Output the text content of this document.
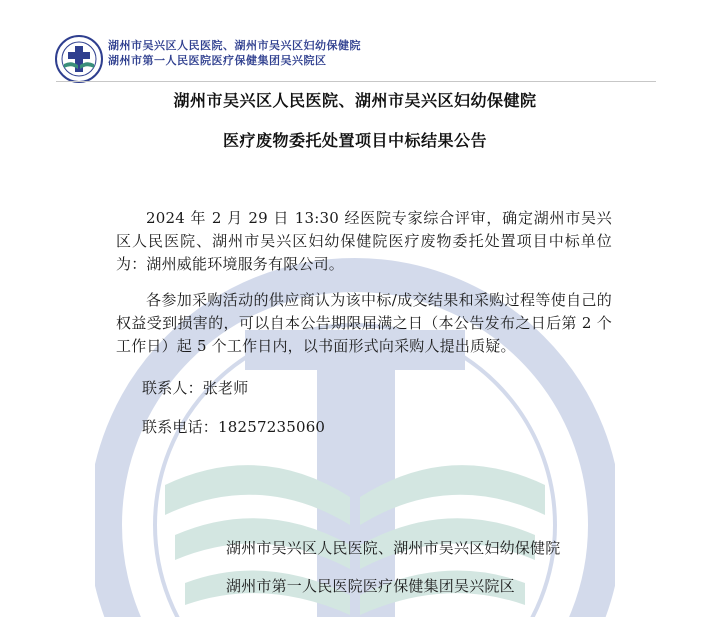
湖州市吴兴区人民医院、湖州市吴兴区妇幼保健院
湖州市第一人民医院医疗保健集团吴兴院区
湖州市吴兴区人民医院、湖州市吴兴区妇幼保健院
医疗废物委托处置项目中标结果公告
2024 年 2 月 29 日 13:30 经医院专家综合评审，确定湖州市吴兴区人民医院、湖州市吴兴区妇幼保健院医疗废物委托处置项目中标单位为：湖州威能环境服务有限公司。
各参加采购活动的供应商认为该中标/成交结果和采购过程等使自己的权益受到损害的，可以自本公告期限届满之日（本公告发布之日后第 2 个工作日）起 5 个工作日内，以书面形式向采购人提出质疑。
联系人：张老师
联系电话：18257235060
湖州市吴兴区人民医院、湖州市吴兴区妇幼保健院
湖州市第一人民医院医疗保健集团吴兴院区
